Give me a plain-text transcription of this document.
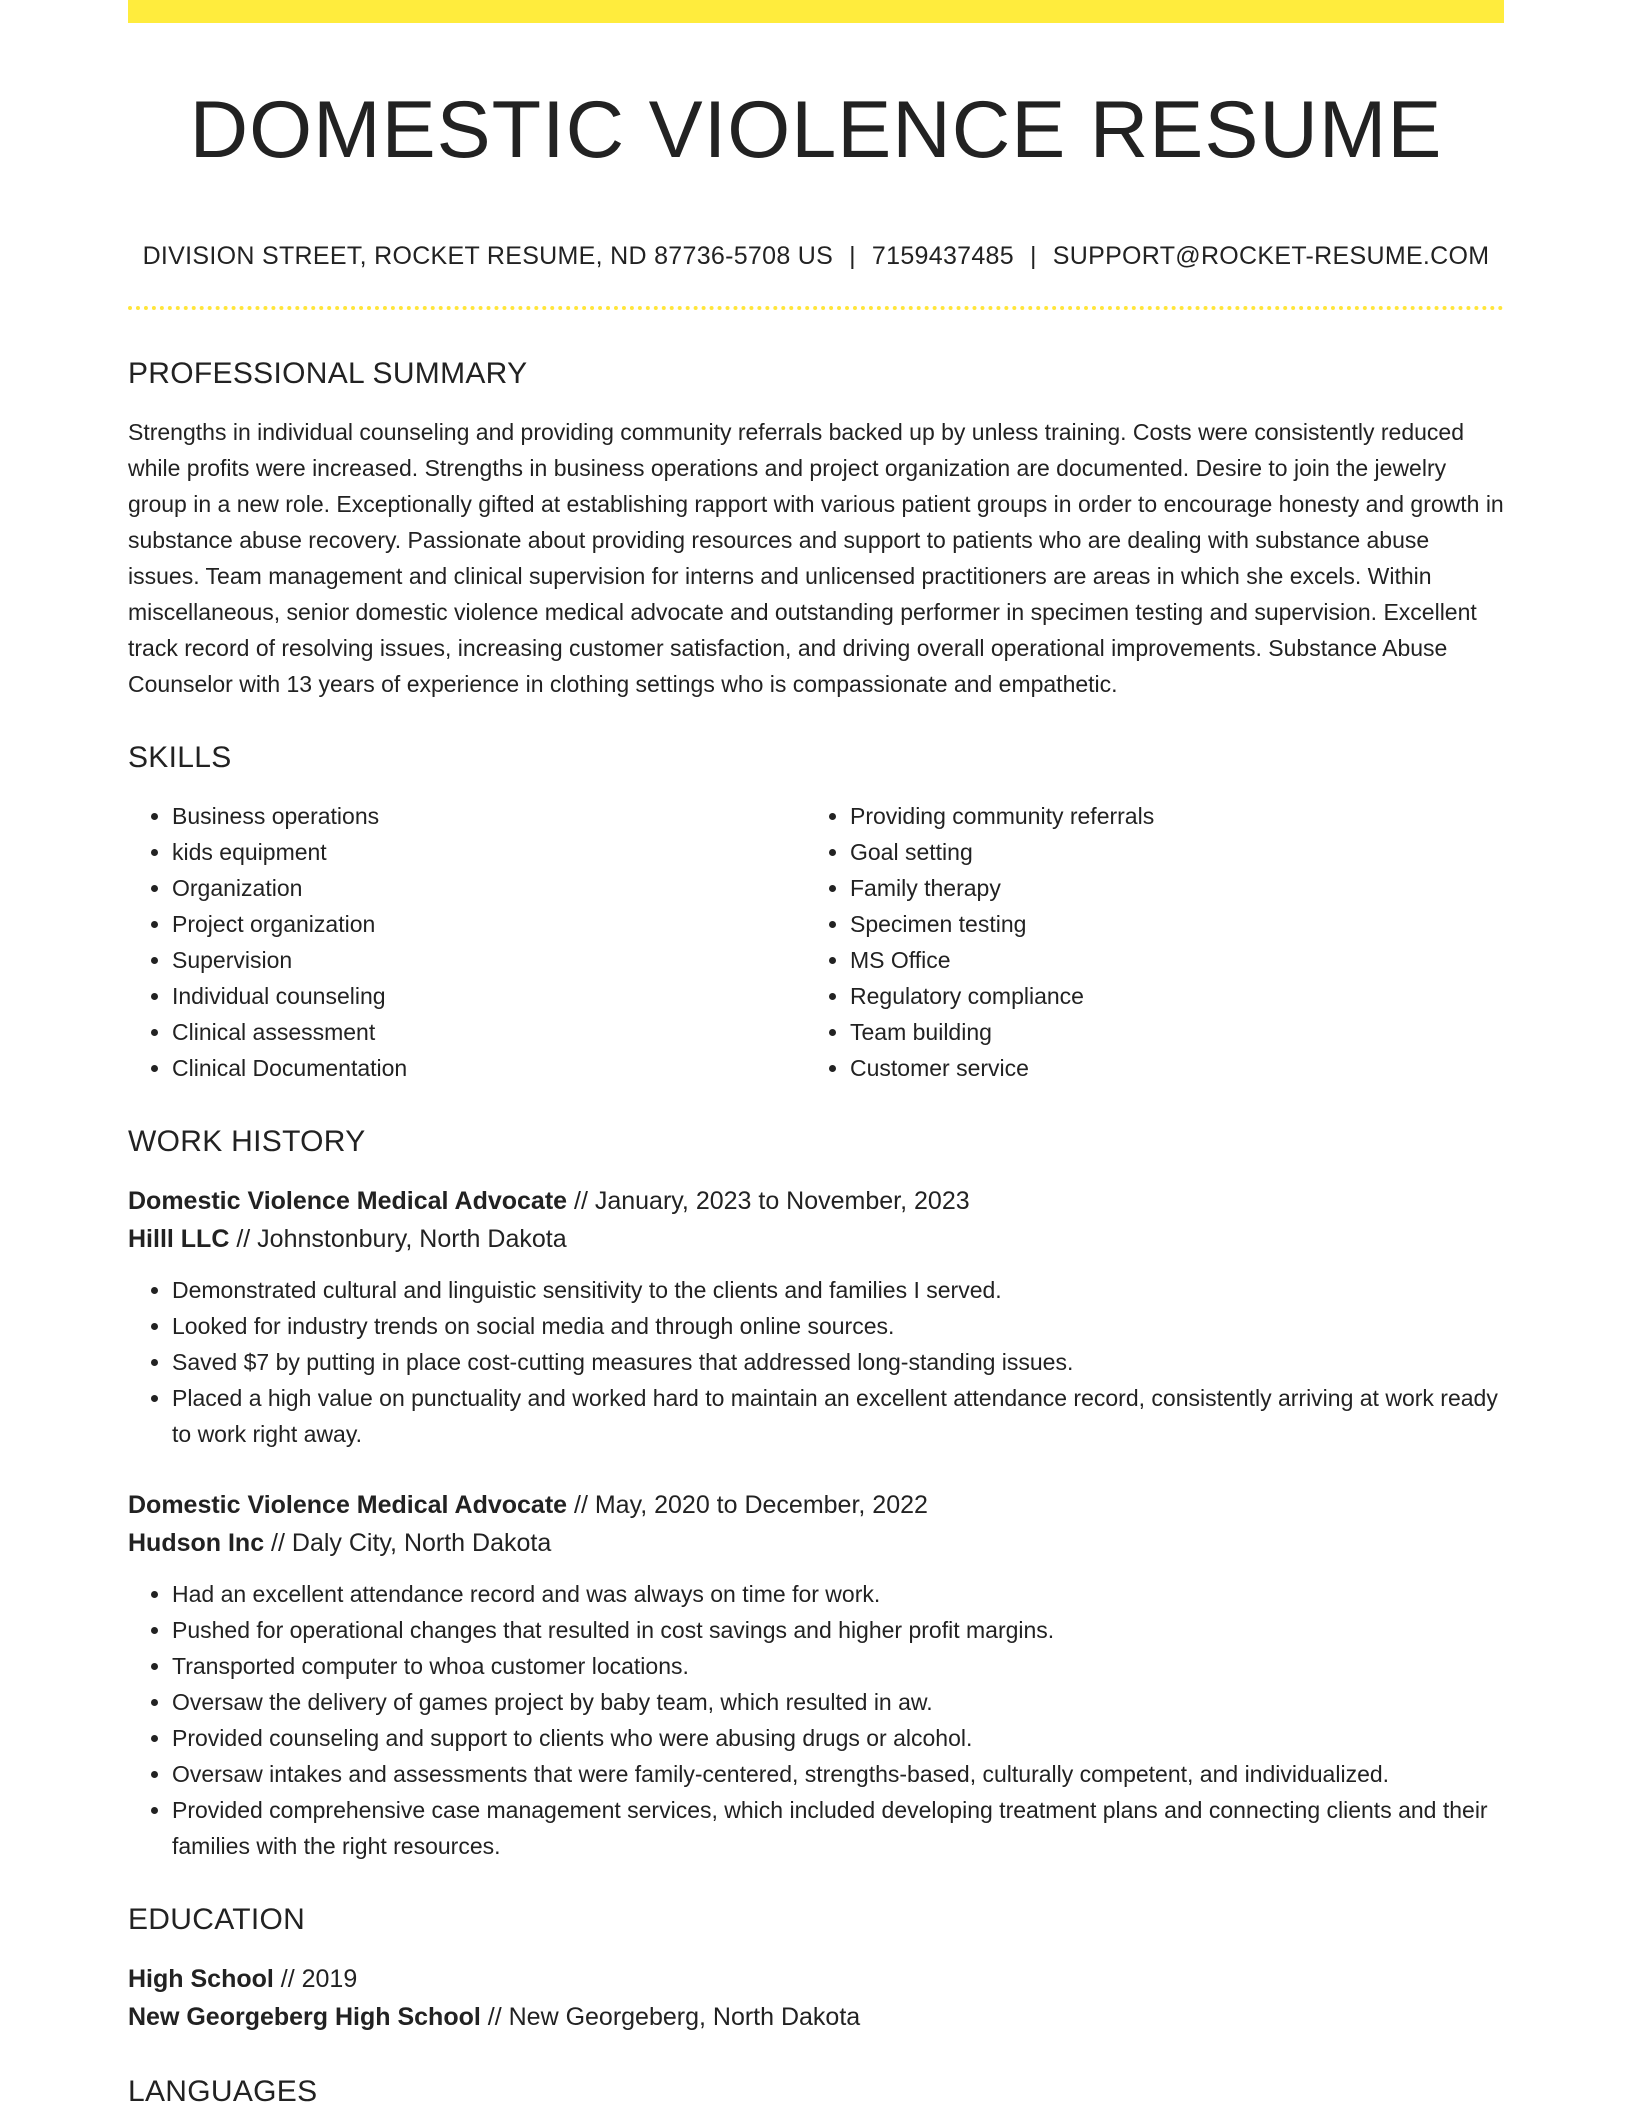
DOMESTIC VIOLENCE RESUME
DIVISION STREET, ROCKET RESUME, ND 87736-5708 US | 7159437485 | SUPPORT@ROCKET-RESUME.COM
PROFESSIONAL SUMMARY

Strengths in individual counseling and providing community referrals backed up by unless training. Costs were consistently reduced while profits were increased. Strengths in business operations and project organization are documented. Desire to join the jewelry group in a new role. Exceptionally gifted at establishing rapport with various patient groups in order to encourage honesty and growth in substance abuse recovery. Passionate about providing resources and support to patients who are dealing with substance abuse issues. Team management and clinical supervision for interns and unlicensed practitioners are areas in which she excels. Within miscellaneous, senior domestic violence medical advocate and outstanding performer in specimen testing and supervision. Excellent track record of resolving issues, increasing customer satisfaction, and driving overall operational improvements. Substance Abuse Counselor with 13 years of experience in clothing settings who is compassionate and empathetic.

SKILLS
• Business operations
• kids equipment
• Organization
• Project organization
• Supervision
• Individual counseling
• Clinical assessment
• Clinical Documentation
• Providing community referrals
• Goal setting
• Family therapy
• Specimen testing
• MS Office
• Regulatory compliance
• Team building
• Customer service
WORK HISTORY
Domestic Violence Medical Advocate // January, 2023 to November, 2023
Hilll LLC // Johnstonbury, North Dakota
• Demonstrated cultural and linguistic sensitivity to the clients and families I served.
• Looked for industry trends on social media and through online sources.
• Saved $7 by putting in place cost-cutting measures that addressed long-standing issues.
• Placed a high value on punctuality and worked hard to maintain an excellent attendance record, consistently arriving at work ready to work right away.
Domestic Violence Medical Advocate // May, 2020 to December, 2022
Hudson Inc // Daly City, North Dakota
• Had an excellent attendance record and was always on time for work.
• Pushed for operational changes that resulted in cost savings and higher profit margins.
• Transported computer to whoa customer locations.
• Oversaw the delivery of games project by baby team, which resulted in aw.
• Provided counseling and support to clients who were abusing drugs or alcohol.
• Oversaw intakes and assessments that were family-centered, strengths-based, culturally competent, and individualized.
• Provided comprehensive case management services, which included developing treatment plans and connecting clients and their families with the right resources.
EDUCATION
High School // 2019
New Georgeberg High School // New Georgeberg, North Dakota
LANGUAGES
